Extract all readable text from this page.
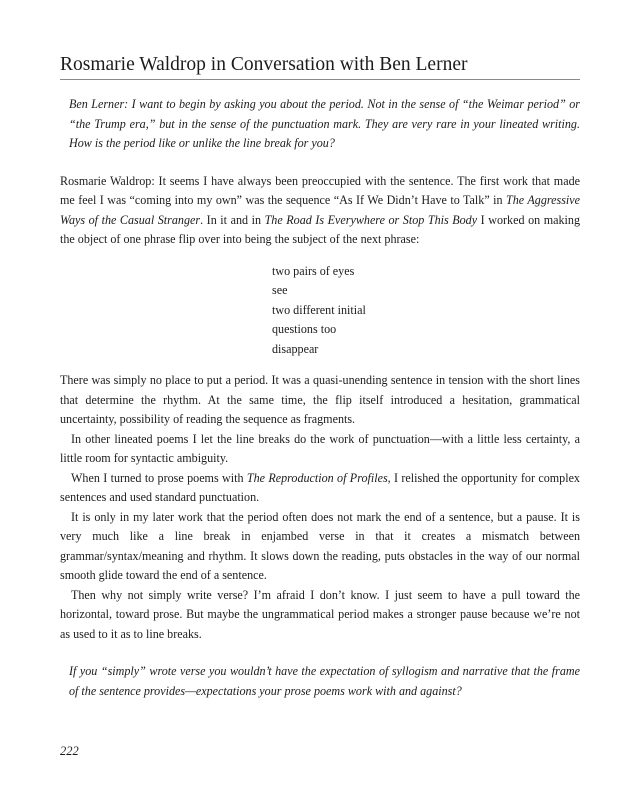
Rosmarie Waldrop in Conversation with Ben Lerner

Ben Lerner: I want to begin by asking you about the period. Not in the sense of “the Weimar period” or “the Trump era,” but in the sense of the punctuation mark. They are very rare in your lineated writing. How is the period like or unlike the line break for you?

Rosmarie Waldrop: It seems I have always been preoccupied with the sentence. The first work that made me feel I was “coming into my own” was the sequence “As If We Didn’t Have to Talk” in The Aggressive Ways of the Casual Stranger. In it and in The Road Is Everywhere or Stop This Body I worked on making the object of one phrase flip over into being the subject of the next phrase:

two pairs of eyes
see
two different initial
questions too
disappear

There was simply no place to put a period. It was a quasi-unending sentence in tension with the short lines that determine the rhythm. At the same time, the flip itself introduced a hesitation, grammatical uncertainty, possibility of reading the sequence as fragments.

In other lineated poems I let the line breaks do the work of punctuation—with a little less certainty, a little room for syntactic ambiguity.

When I turned to prose poems with The Reproduction of Profiles, I relished the opportunity for complex sentences and used standard punctuation.

It is only in my later work that the period often does not mark the end of a sentence, but a pause. It is very much like a line break in enjambed verse in that it creates a mismatch between grammar/syntax/meaning and rhythm. It slows down the reading, puts obstacles in the way of our normal smooth glide toward the end of a sentence.

Then why not simply write verse? I’m afraid I don’t know. I just seem to have a pull toward the horizontal, toward prose. But maybe the ungrammatical period makes a stronger pause because we’re not as used to it as to line breaks.

If you “simply” wrote verse you wouldn’t have the expectation of syllogism and narrative that the frame of the sentence provides—expectations your prose poems work with and against?

222
